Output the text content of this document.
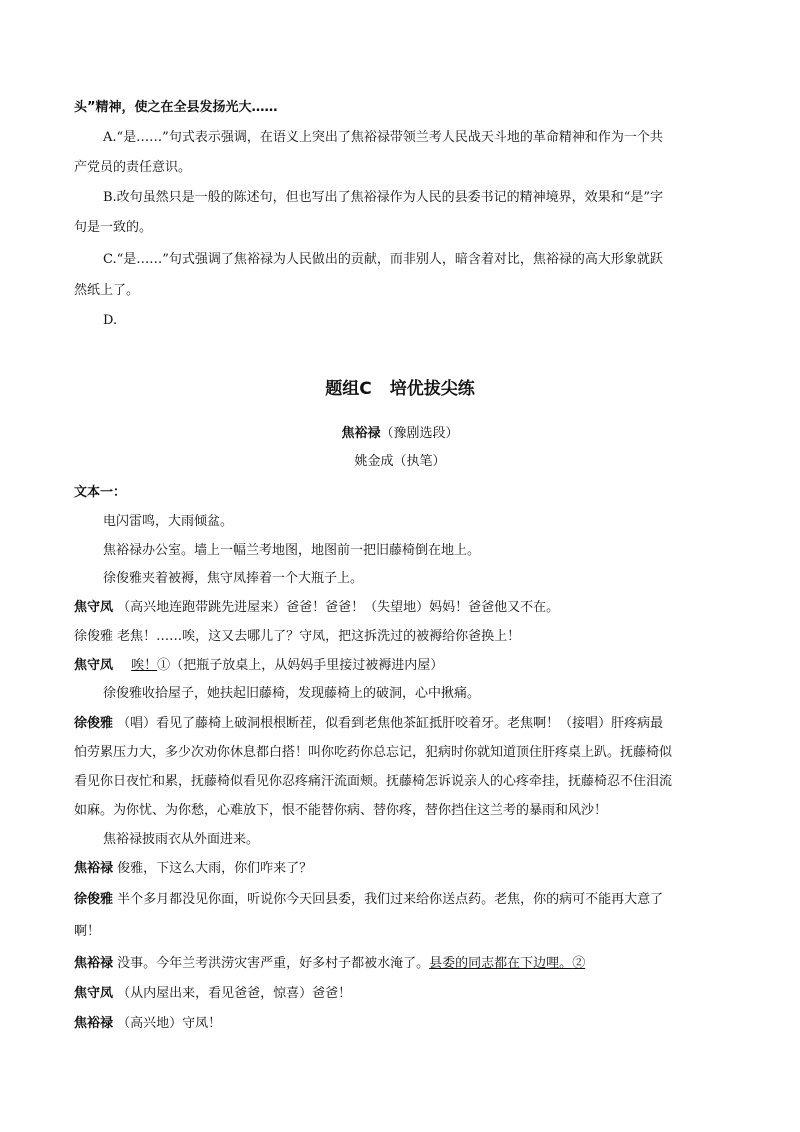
头”精神，使之在全县发扬光大……
A.“是……”句式表示强调，在语义上突出了焦裕禄带领兰考人民战天斗地的革命精神和作为一个共
产党员的责任意识。
B.改句虽然只是一般的陈述句，但也写出了焦裕禄作为人民的县委书记的精神境界，效果和“是”字
句是一致的。
C.“是……”句式强调了焦裕禄为人民做出的贡献，而非别人，暗含着对比，焦裕禄的高大形象就跃
然纸上了。
D.
题组C 培优拔尖练
焦裕禄（豫剧选段）
姚金成（执笔）
文本一：
电闪雷鸣，大雨倾盆。
焦裕禄办公室。墙上一幅兰考地图，地图前一把旧藤椅倒在地上。
徐俊雅夹着被褥，焦守凤捧着一个大瓶子上。
焦守凤 （高兴地连跑带跳先进屋来）爸爸！爸爸！（失望地）妈妈！爸爸他又不在。
徐俊雅 老焦！……唉，这又去哪儿了？守凤，把这拆洗过的被褥给你爸换上！
焦守凤 唉！①（把瓶子放桌上，从妈妈手里接过被褥进内屋）
徐俊雅收拾屋子，她扶起旧藤椅，发现藤椅上的破洞，心中揪痛。
徐俊雅 （唱）看见了藤椅上破洞根根断茬，似看到老焦他茶缸抵肝咬着牙。老焦啊！（接唱）肝疼病最
怕劳累压力大，多少次劝你休息都白搭！叫你吃药你总忘记，犯病时你就知道顶住肝疼桌上趴。抚藤椅似
看见你日夜忙和累，抚藤椅似看见你忍疼痛汗流面颊。抚藤椅怎诉说亲人的心疼牵挂，抚藤椅忍不住泪流
如麻。为你忧、为你愁，心难放下，恨不能替你病、替你疼，替你挡住这兰考的暴雨和风沙！
焦裕禄披雨衣从外面进来。
焦裕禄 俊雅，下这么大雨，你们咋来了？
徐俊雅 半个多月都没见你面，听说你今天回县委，我们过来给你送点药。老焦，你的病可不能再大意了
啊！
焦裕禄 没事。今年兰考洪涝灾害严重，好多村子都被水淹了。县委的同志都在下边哩。②
焦守凤 （从内屋出来，看见爸爸，惊喜）爸爸！
焦裕禄 （高兴地）守凤！
